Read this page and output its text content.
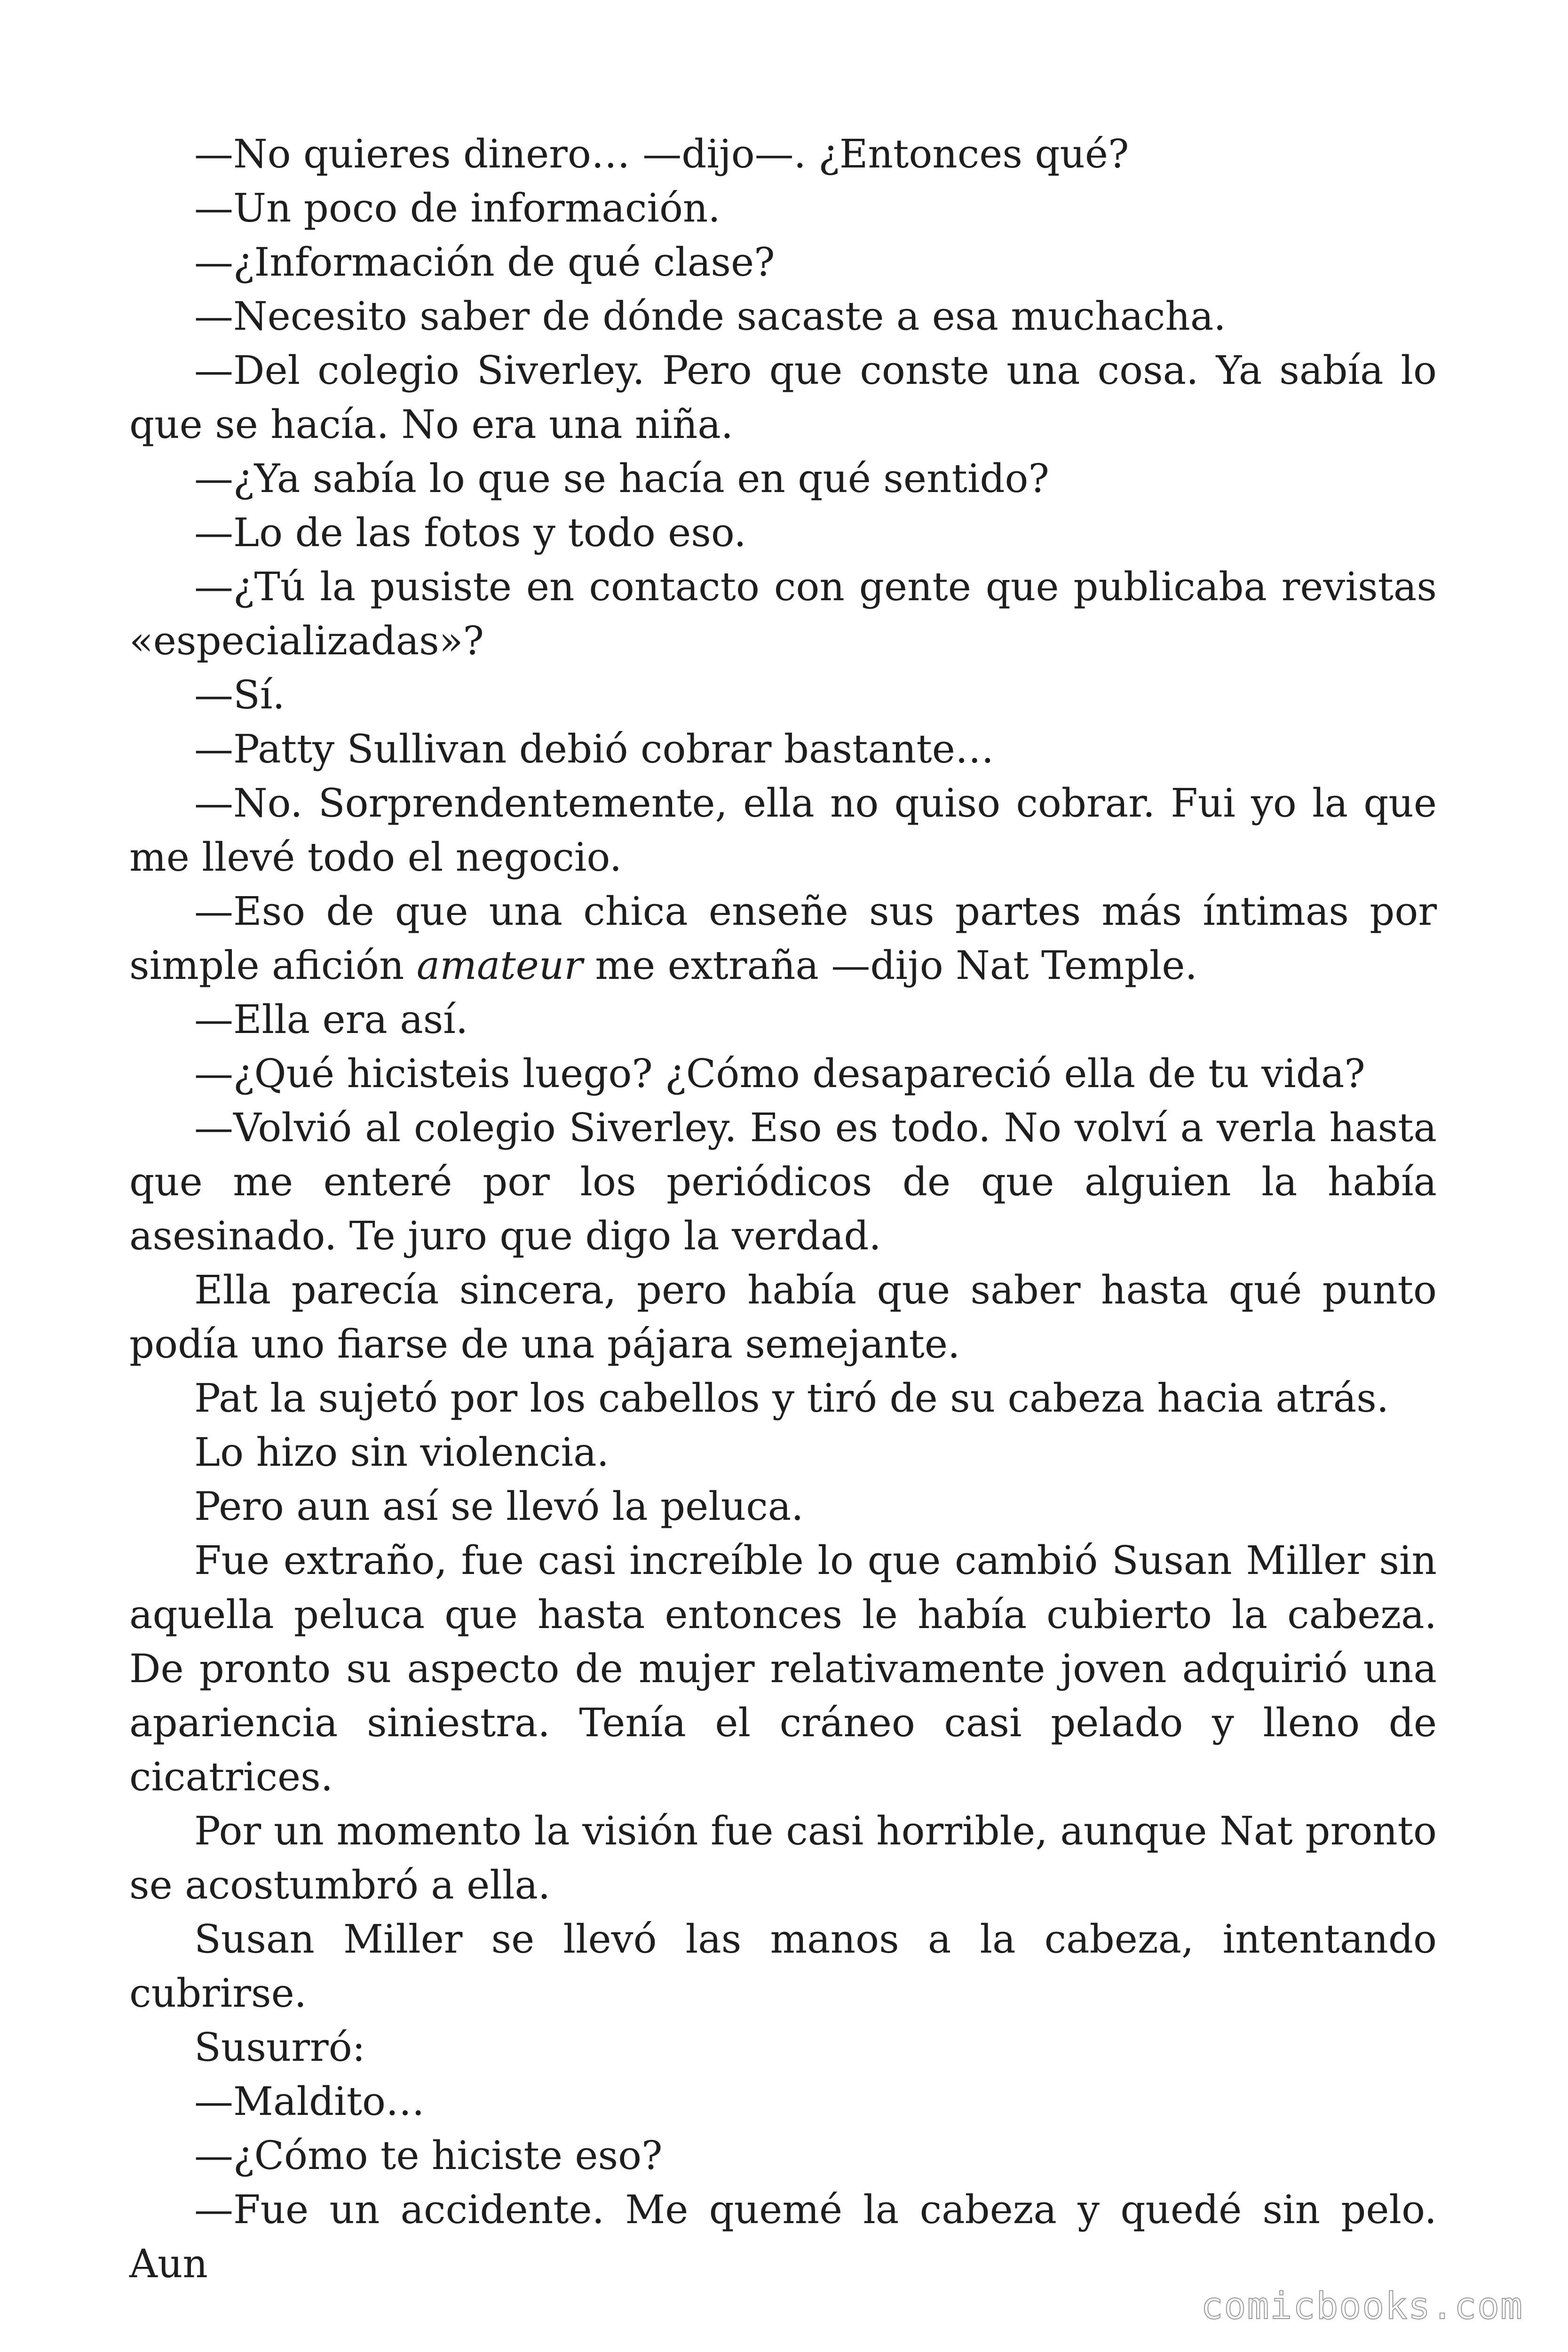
—No quieres dinero… —dijo—. ¿Entonces qué?

—Un poco de información.

—¿Información de qué clase?

—Necesito saber de dónde sacaste a esa muchacha.

—Del colegio Siverley. Pero que conste una cosa. Ya sabía lo que se hacía. No era una niña.

—¿Ya sabía lo que se hacía en qué sentido?

—Lo de las fotos y todo eso.

—¿Tú la pusiste en contacto con gente que publicaba revistas «especializadas»?

—Sí.

—Patty Sullivan debió cobrar bastante…

—No. Sorprendentemente, ella no quiso cobrar. Fui yo la que me llevé todo el negocio.

—Eso de que una chica enseñe sus partes más íntimas por simple afición amateur me extraña —dijo Nat Temple.

—Ella era así.

—¿Qué hicisteis luego? ¿Cómo desapareció ella de tu vida?

—Volvió al colegio Siverley. Eso es todo. No volví a verla hasta que me enteré por los periódicos de que alguien la había asesinado. Te juro que digo la verdad.

Ella parecía sincera, pero había que saber hasta qué punto podía uno fiarse de una pájara semejante.

Pat la sujetó por los cabellos y tiró de su cabeza hacia atrás.

Lo hizo sin violencia.

Pero aun así se llevó la peluca.

Fue extraño, fue casi increíble lo que cambió Susan Miller sin aquella peluca que hasta entonces le había cubierto la cabeza. De pronto su aspecto de mujer relativamente joven adquirió una apariencia siniestra. Tenía el cráneo casi pelado y lleno de cicatrices.

Por un momento la visión fue casi horrible, aunque Nat pronto se acostumbró a ella.

Susan Miller se llevó las manos a la cabeza, intentando cubrirse.

Susurró:

—Maldito…

—¿Cómo te hiciste eso?

—Fue un accidente. Me quemé la cabeza y quedé sin pelo. Aun

comicbooks.com
